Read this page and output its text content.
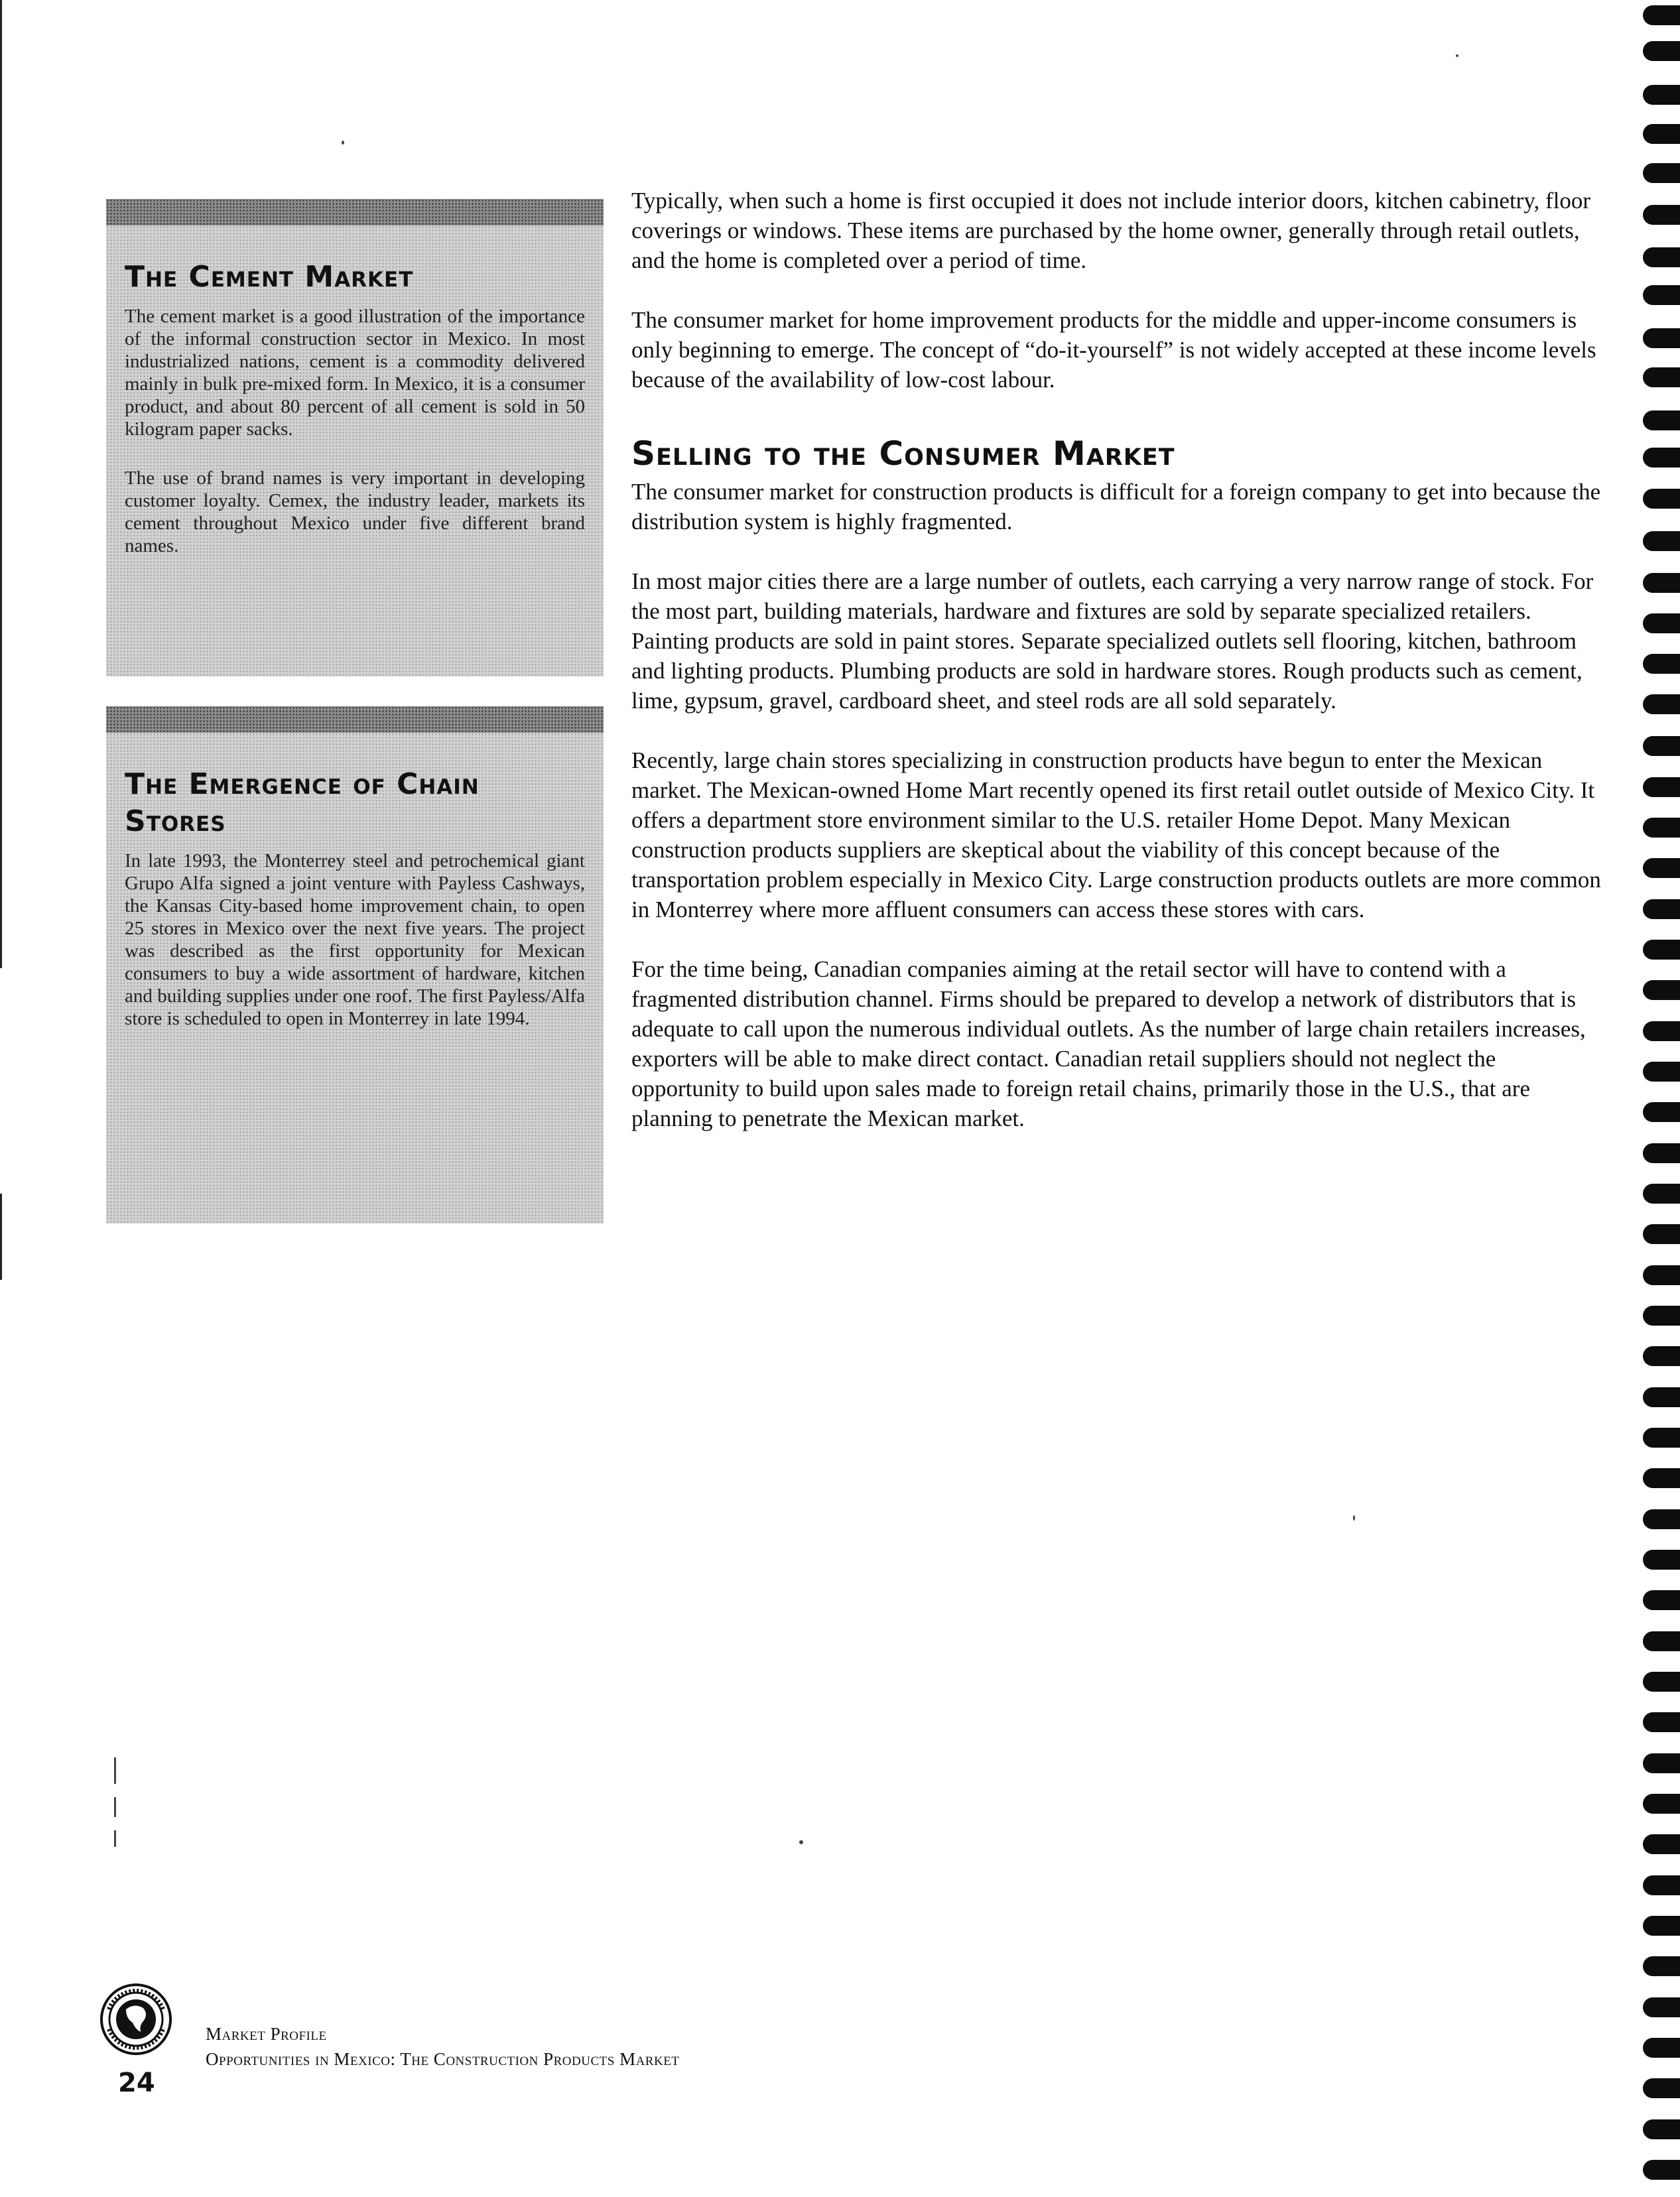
The Cement Market

The cement market is a good illustration of the importance of the informal construction sector in Mexico. In most industrialized nations, cement is a commodity delivered mainly in bulk pre-mixed form. In Mexico, it is a consumer product, and about 80 percent of all cement is sold in 50 kilogram paper sacks.

The use of brand names is very important in developing customer loyalty. Cemex, the industry leader, markets its cement throughout Mexico under five different brand names.

The Emergence of Chain Stores

In late 1993, the Monterrey steel and petrochemical giant Grupo Alfa signed a joint venture with Payless Cashways, the Kansas City-based home improvement chain, to open 25 stores in Mexico over the next five years. The project was described as the first opportunity for Mexican consumers to buy a wide assortment of hardware, kitchen and building supplies under one roof. The first Payless/Alfa store is scheduled to open in Monterrey in late 1994.

Typically, when such a home is first occupied it does not include interior doors, kitchen cabinetry, floor coverings or windows. These items are purchased by the home owner, generally through retail outlets, and the home is completed over a period of time.

The consumer market for home improvement products for the middle and upper-income consumers is only beginning to emerge. The concept of “do-it-yourself” is not widely accepted at these income levels because of the availability of low-cost labour.

Selling to the Consumer Market

The consumer market for construction products is difficult for a foreign company to get into because the distribution system is highly fragmented.

In most major cities there are a large number of outlets, each carrying a very narrow range of stock. For the most part, building materials, hardware and fixtures are sold by separate specialized retailers. Painting products are sold in paint stores. Separate specialized outlets sell flooring, kitchen, bathroom and lighting products. Plumbing products are sold in hardware stores. Rough products such as cement, lime, gypsum, gravel, cardboard sheet, and steel rods are all sold separately.

Recently, large chain stores specializing in construction products have begun to enter the Mexican market. The Mexican-owned Home Mart recently opened its first retail outlet outside of Mexico City. It offers a department store environment similar to the U.S. retailer Home Depot. Many Mexican construction products suppliers are skeptical about the viability of this concept because of the transportation problem especially in Mexico City. Large construction products outlets are more common in Monterrey where more affluent consumers can access these stores with cars.

For the time being, Canadian companies aiming at the retail sector will have to contend with a fragmented distribution channel. Firms should be prepared to develop a network of distributors that is adequate to call upon the numerous individual outlets. As the number of large chain retailers increases, exporters will be able to make direct contact. Canadian retail suppliers should not neglect the opportunity to build upon sales made to foreign retail chains, primarily those in the U.S., that are planning to penetrate the Mexican market.

Market Profile
Opportunities in Mexico: The Construction Products Market
24
